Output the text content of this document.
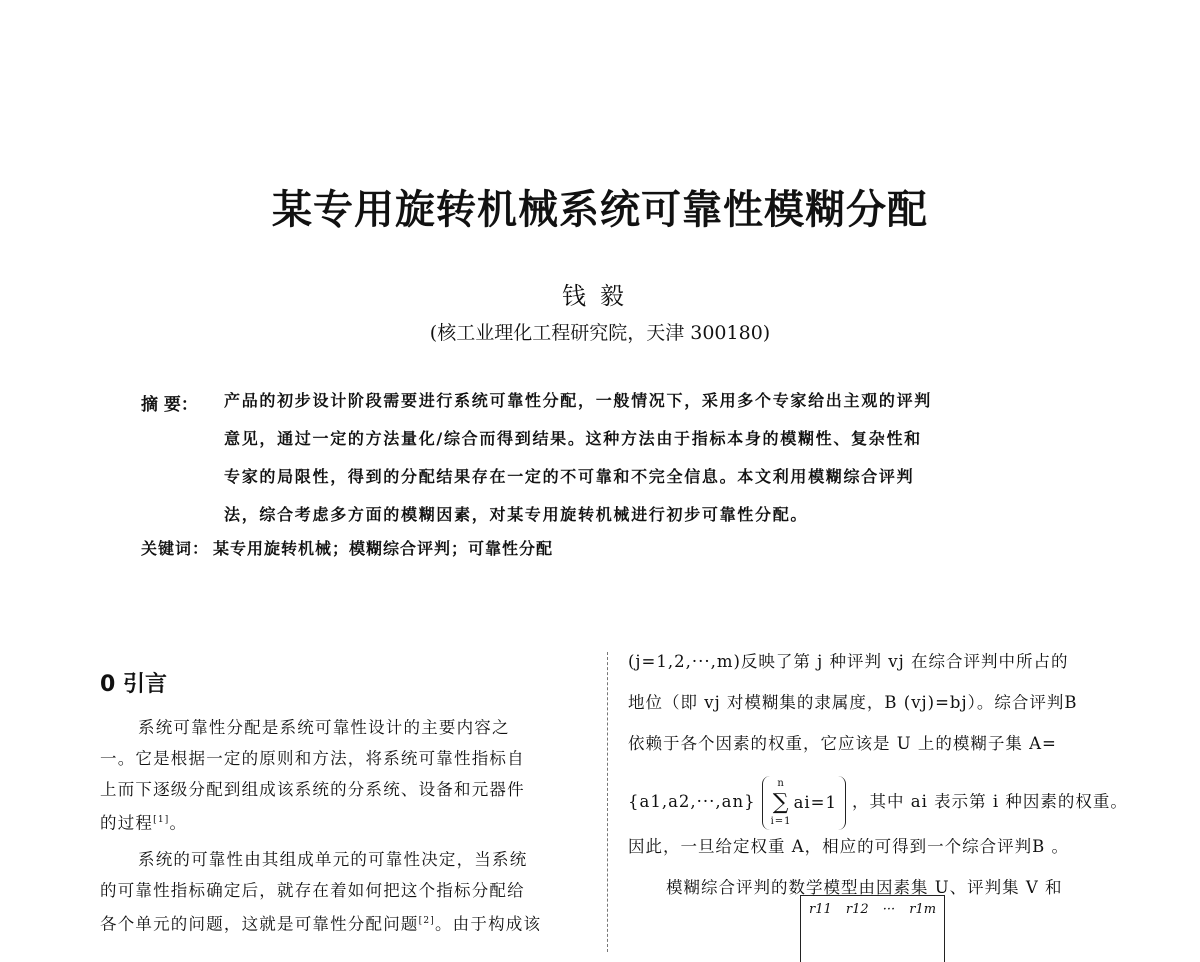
某专用旋转机械系统可靠性模糊分配
钱毅
(核工业理化工程研究院，天津 300180)
摘 要：	产品的初步设计阶段需要进行系统可靠性分配，一般情况下，采用多个专家给出主观的评判
意见，通过一定的方法量化/综合而得到结果。这种方法由于指标本身的模糊性、复杂性和
专家的局限性，得到的分配结果存在一定的不可靠和不完全信息。本文利用模糊综合评判
法，综合考虑多方面的模糊因素，对某专用旋转机械进行初步可靠性分配。
关键词： 某专用旋转机械；模糊综合评判；可靠性分配
0 引言
系统可靠性分配是系统可靠性设计的主要内容之
一。它是根据一定的原则和方法，将系统可靠性指标自
上而下逐级分配到组成该系统的分系统、设备和元器件
的过程[1]。
系统的可靠性由其组成单元的可靠性决定，当系统
的可靠性指标确定后，就存在着如何把这个指标分配给
各个单元的问题，这就是可靠性分配问题[2]。由于构成该
(j=1,2,···,m)反映了第 j 种评判 vj 在综合评判中所占的
地位（即 vj 对模糊集的隶属度，B (vj)=bj）。综合评判B
依赖于各个因素的权重，它应该是 U 上的模糊子集 A=
{a1,a2,···,an}
n
∑
i=1
ai=1 ，其中 ai 表示第 i 种因素的权重。
因此，一旦给定权重 A，相应的可得到一个综合评判B 。
模糊综合评判的数学模型由因素集 U、评判集 V 和
r11 r12 ··· r1m
